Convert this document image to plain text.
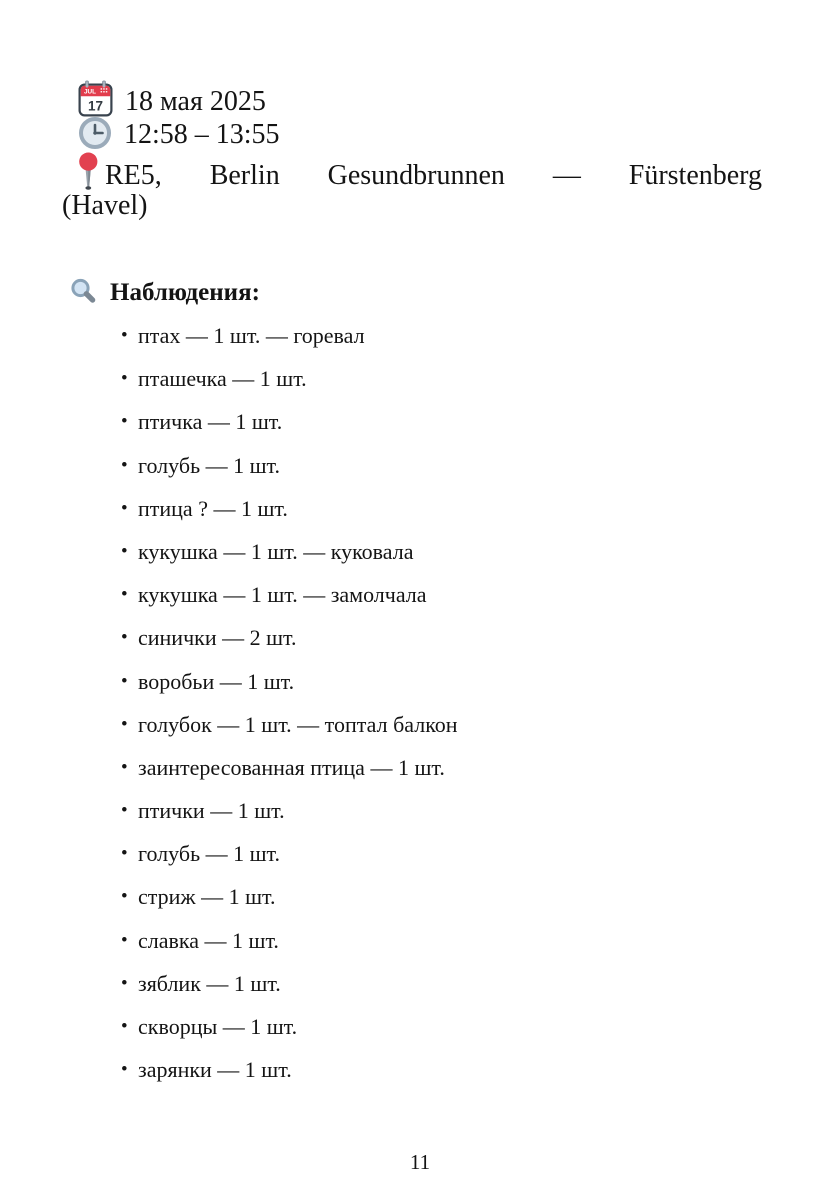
JUL
17 18 мая 2025
12:58 – 13:55
RE5, Berlin Gesundbrunnen — Fürstenberg
(Havel)
Наблюдения:
• птах — 1 шт. — горевал
• пташечка — 1 шт.
• птичка — 1 шт.
• голубь — 1 шт.
• птица ? — 1 шт.
• кукушка — 1 шт. — куковала
• кукушка — 1 шт. — замолчала
• синички — 2 шт.
• воробьи — 1 шт.
• голубок — 1 шт. — топтал балкон
• заинтересованная птица — 1 шт.
• птички — 1 шт.
• голубь — 1 шт.
• стриж — 1 шт.
• славка — 1 шт.
• зяблик — 1 шт.
• скворцы — 1 шт.
• зарянки — 1 шт.
11
